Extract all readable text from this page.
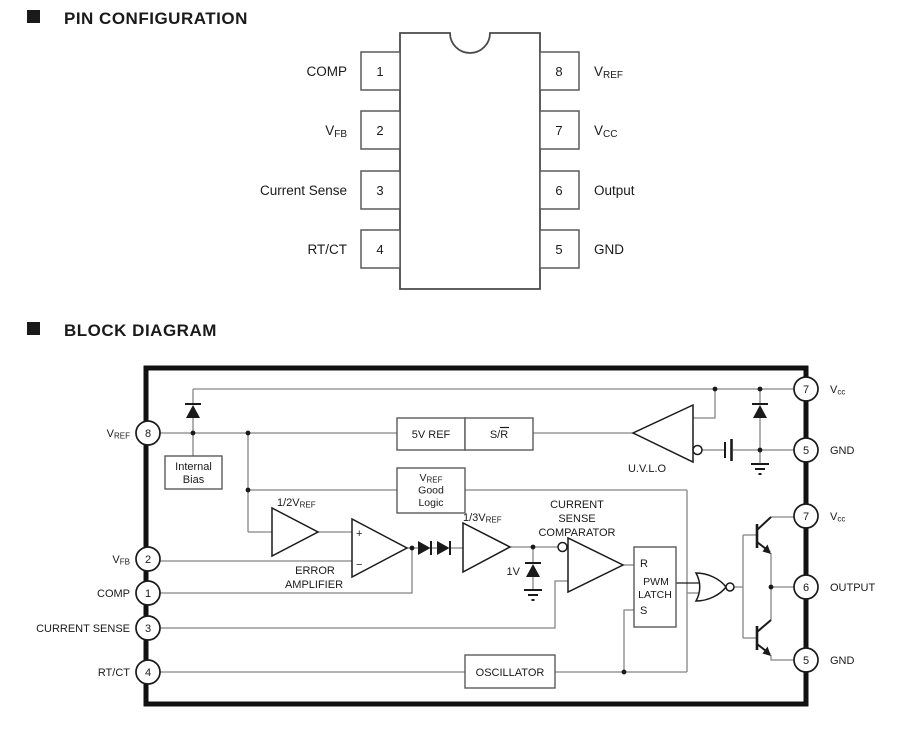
PIN CONFIGURATION
BLOCK DIAGRAM
1
2
3
4
8
7
6
5
COMP
VFB
Current Sense
RT/CT
VREF
VCC
Output
GND
Internal
Bias
5V REF	S/R
VREF
Good
Logic
R
PWM
LATCH
S
OSCILLATOR
1/2VREF
+
−
ERROR
AMPLIFIER
1/3VREF
CURRENT
SENSE
COMPARATOR
U.V.L.O
1V
8
2
1
3
4
VREF
VFB
COMP
CURRENT SENSE
RT/CT
7
5
7
6
5
Vcc
GND
Vcc
OUTPUT
GND
